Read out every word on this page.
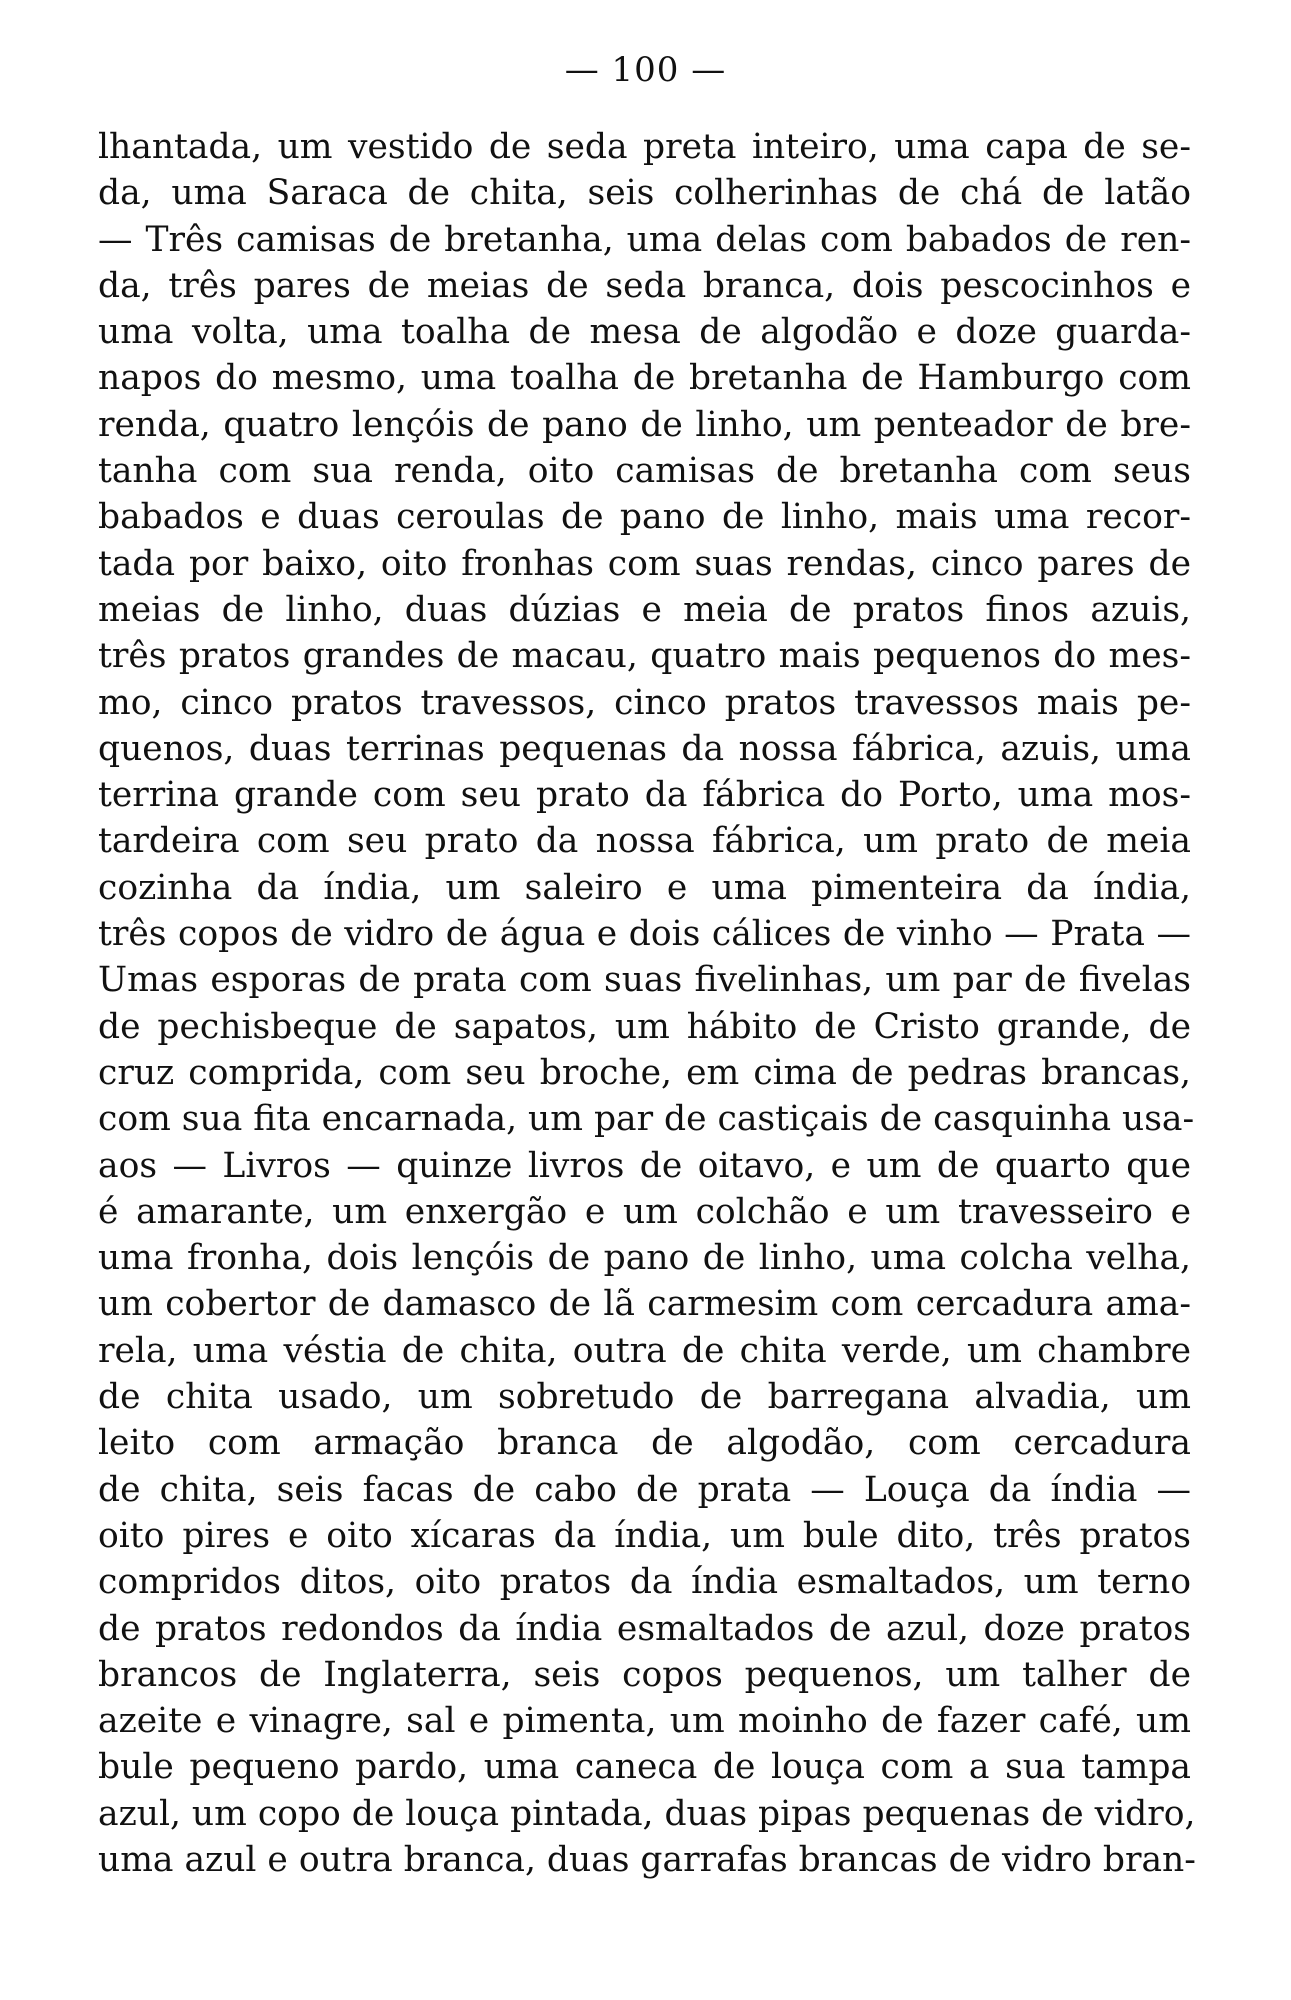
— 100 —
lhantada, um vestido de seda preta inteiro, uma capa de se-
da, uma Saraca de chita, seis colherinhas de chá de latão
— Três camisas de bretanha, uma delas com babados de ren-
da, três pares de meias de seda branca, dois pescocinhos e
uma volta, uma toalha de mesa de algodão e doze guarda-
napos do mesmo, uma toalha de bretanha de Hamburgo com
renda, quatro lençóis de pano de linho, um penteador de bre-
tanha com sua renda, oito camisas de bretanha com seus
babados e duas ceroulas de pano de linho, mais uma recor-
tada por baixo, oito fronhas com suas rendas, cinco pares de
meias de linho, duas dúzias e meia de pratos finos azuis,
três pratos grandes de macau, quatro mais pequenos do mes-
mo, cinco pratos travessos, cinco pratos travessos mais pe-
quenos, duas terrinas pequenas da nossa fábrica, azuis, uma
terrina grande com seu prato da fábrica do Porto, uma mos-
tardeira com seu prato da nossa fábrica, um prato de meia
cozinha da índia, um saleiro e uma pimenteira da índia,
três copos de vidro de água e dois cálices de vinho — Prata —
Umas esporas de prata com suas fivelinhas, um par de fivelas
de pechisbeque de sapatos, um hábito de Cristo grande, de
cruz comprida, com seu broche, em cima de pedras brancas,
com sua fita encarnada, um par de castiçais de casquinha usa-
aos — Livros — quinze livros de oitavo, e um de quarto que
é amarante, um enxergão e um colchão e um travesseiro e
uma fronha, dois lençóis de pano de linho, uma colcha velha,
um cobertor de damasco de lã carmesim com cercadura ama-
rela, uma véstia de chita, outra de chita verde, um chambre
de chita usado, um sobretudo de barregana alvadia, um
leito com armação branca de algodão, com cercadura
de chita, seis facas de cabo de prata — Louça da índia —
oito pires e oito xícaras da índia, um bule dito, três pratos
compridos ditos, oito pratos da índia esmaltados, um terno
de pratos redondos da índia esmaltados de azul, doze pratos
brancos de Inglaterra, seis copos pequenos, um talher de
azeite e vinagre, sal e pimenta, um moinho de fazer café, um
bule pequeno pardo, uma caneca de louça com a sua tampa
azul, um copo de louça pintada, duas pipas pequenas de vidro,
uma azul e outra branca, duas garrafas brancas de vidro bran-
